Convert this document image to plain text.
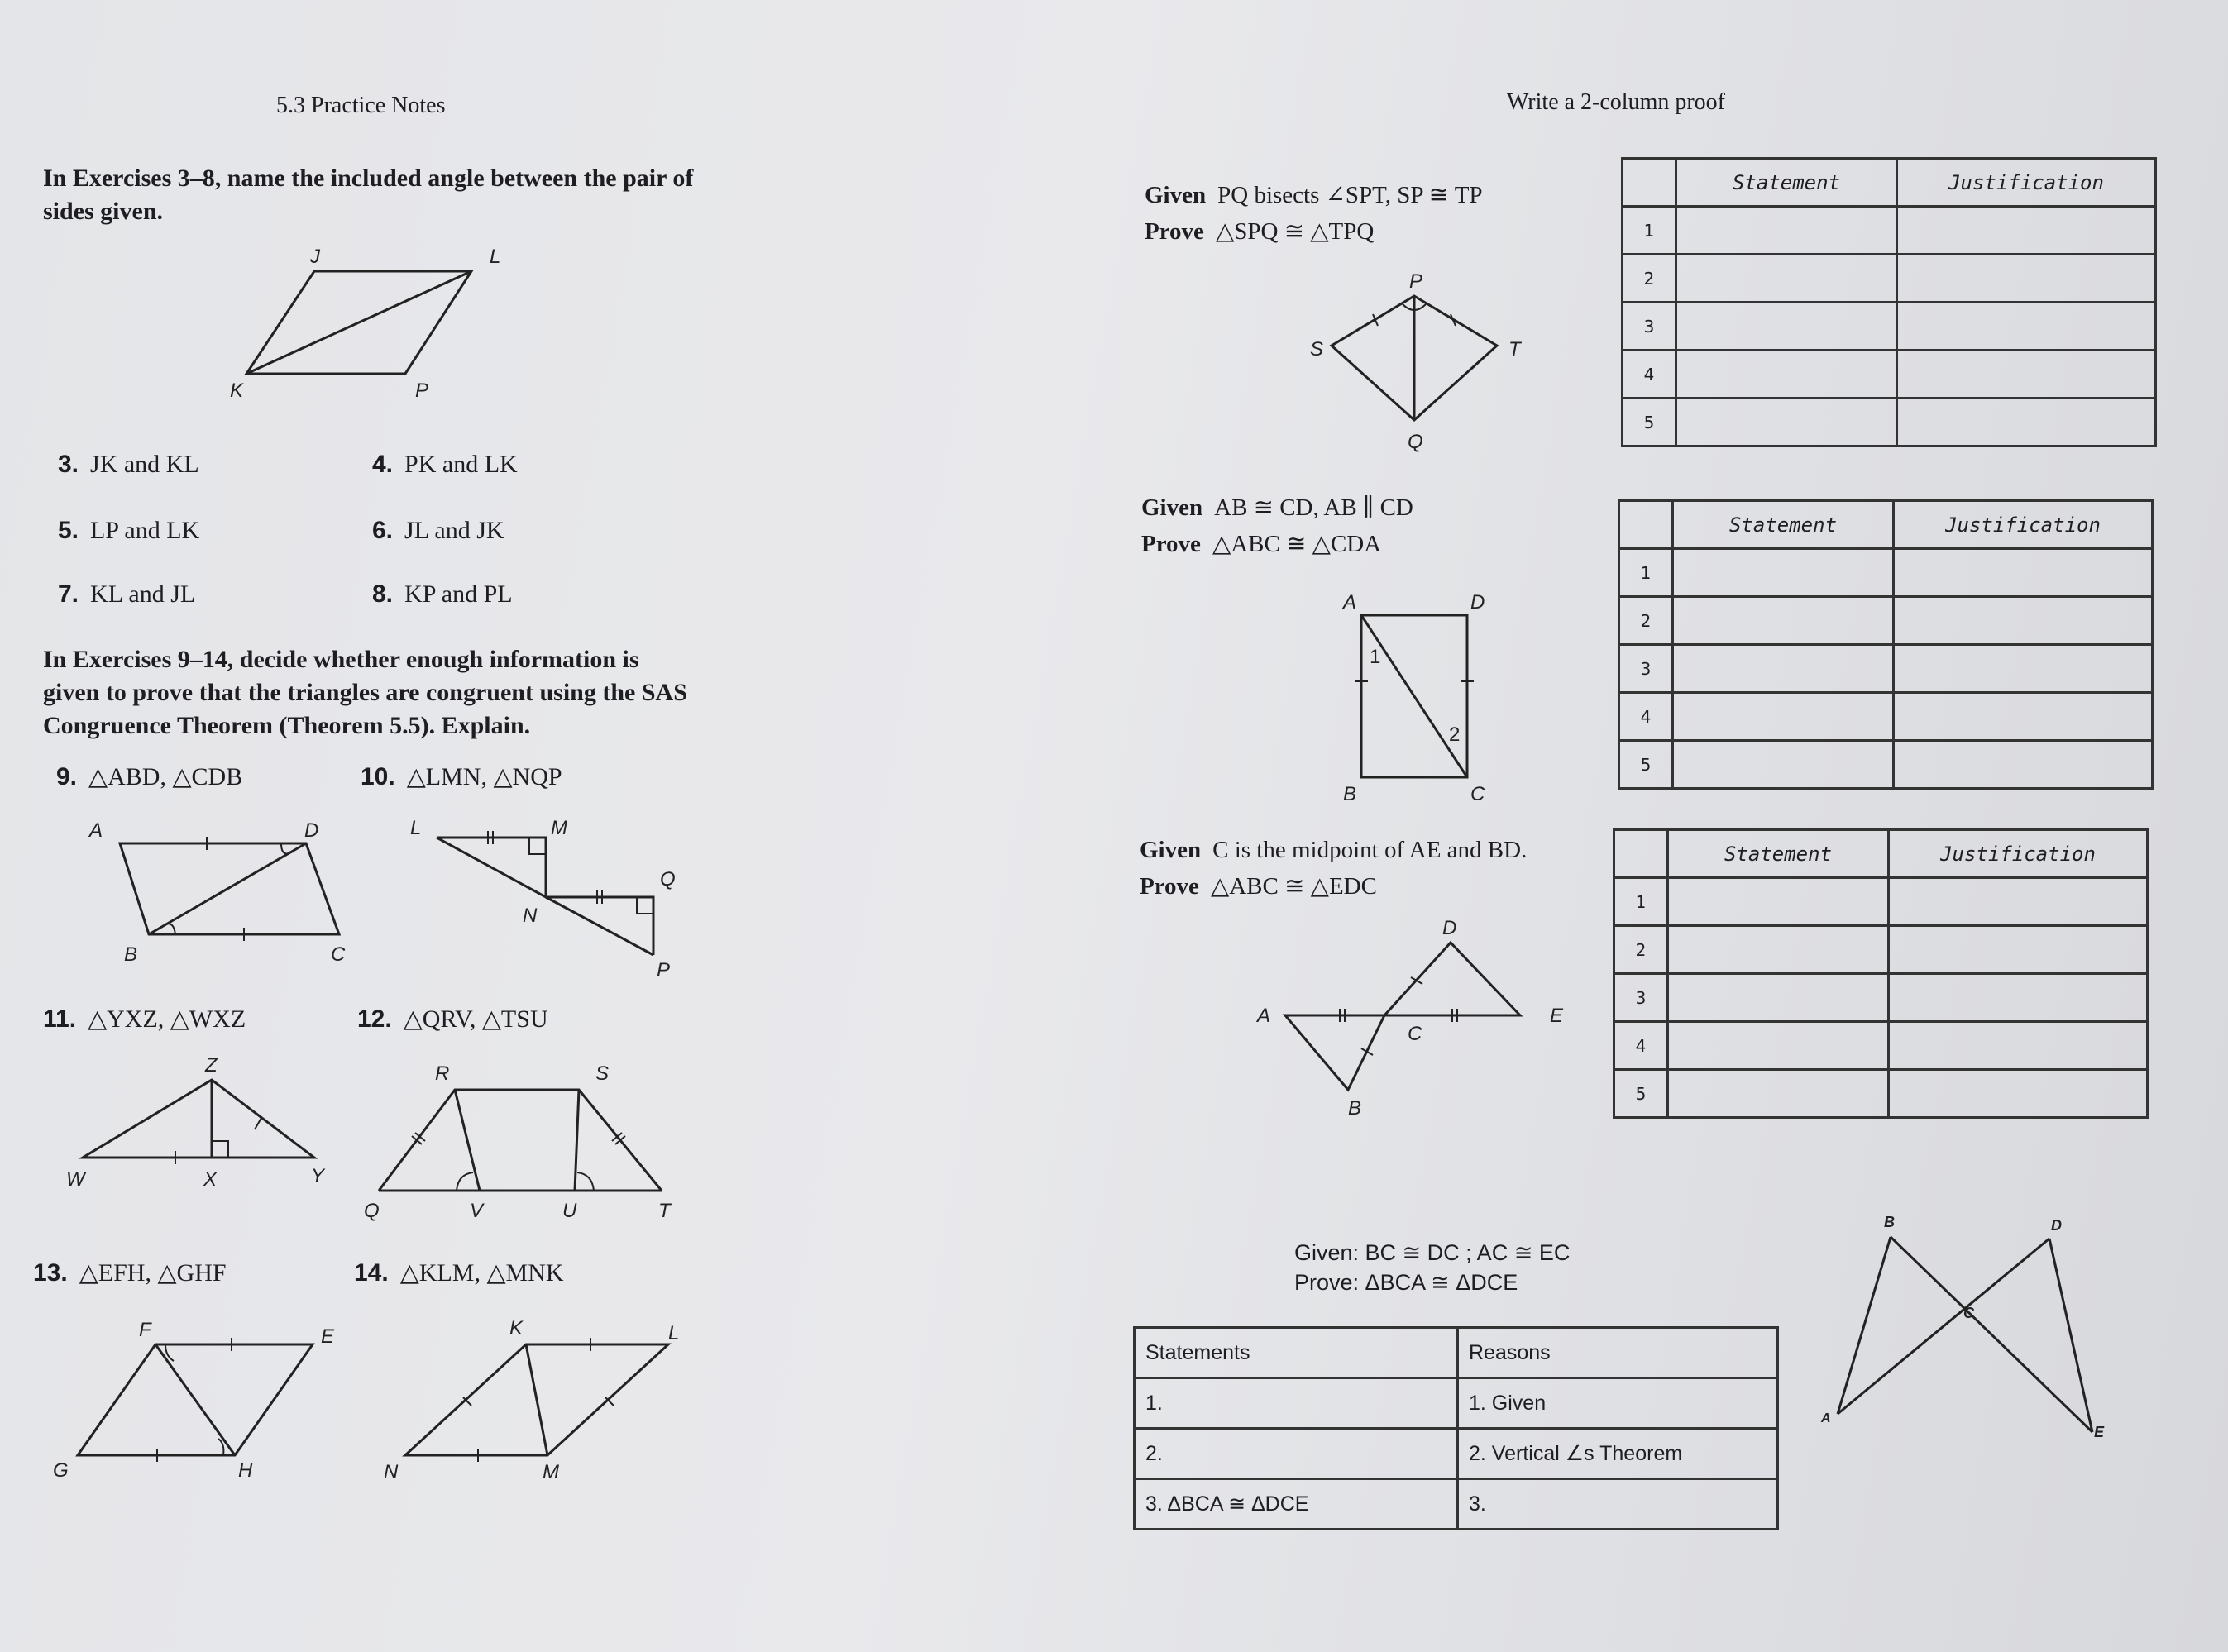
5.3 Practice Notes
In Exercises 3–8, name the included angle between the pair of sides given.
J	L
K	P
3. JK and KL	4. PK and LK
5. LP and LK	6. JL and JK
7. KL and JL	8. KP and PL
In Exercises 9–14, decide whether enough information is given to prove that the triangles are congruent using the SAS Congruence Theorem (Theorem 5.5). Explain.
9. △ABD, △CDB	10. △LMN, △NQP
A	D
B	C
L	M
N
Q
P
11. △YXZ, △WXZ	12. △QRV, △TSU
Z
W	X	Y
R	S
Q	V	U	T
13. △EFH, △GHF	14. △KLM, △MNK
F	E
G	H
K	L
N	M
Write a 2-column proof
Given PQ bisects ∠SPT, SP ≅ TP
Prove △SPQ ≅ △TPQ
P
S	T
Q
	Statement	Justification
1		
2		
3		
4		
5		
Given AB ≅ CD, AB ∥ CD
Prove △ABC ≅ △CDA
A	D
B	C
1
2
	Statement	Justification
1		
2		
3		
4		
5		
Given C is the midpoint of AE and BD.
Prove △ABC ≅ △EDC
D
A
C
E
B
	Statement	Justification
1		
2		
3		
4		
5		
Given: BC ≅ DC ; AC ≅ EC
Prove: ΔBCA ≅ ΔDCE
Statements	Reasons
1.	1. Given
2.	2. Vertical ∠s Theorem
3. ΔBCA ≅ ΔDCE	3.
B	D
C
A
E
